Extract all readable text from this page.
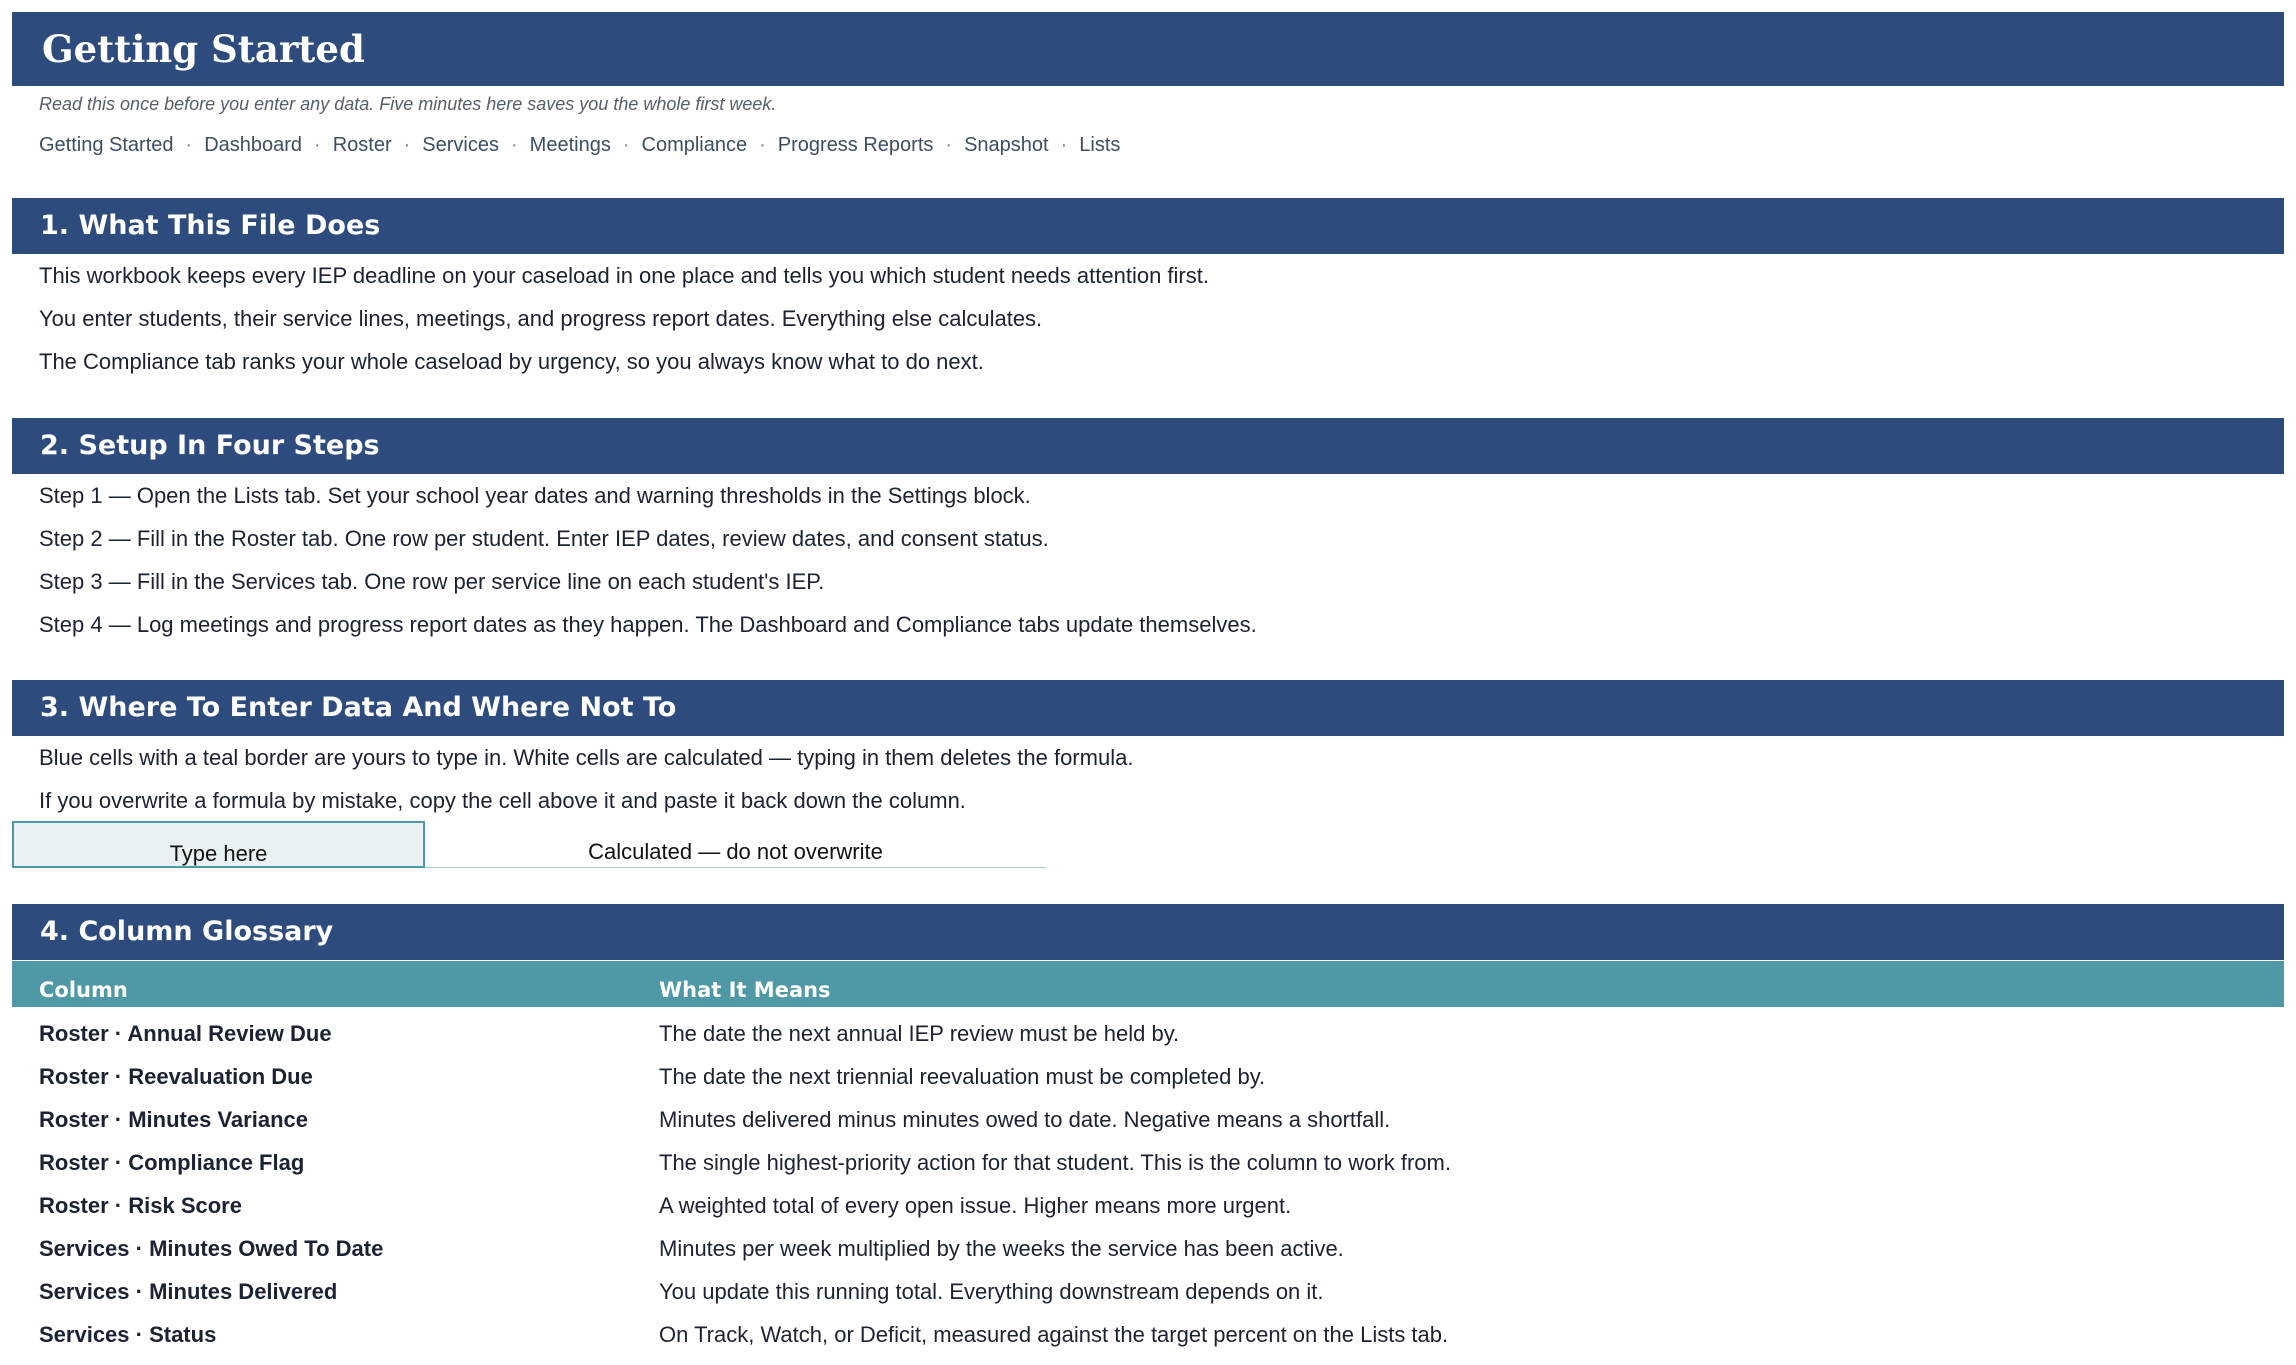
Getting Started
Read this once before you enter any data. Five minutes here saves you the whole first week.
Getting Started · Dashboard · Roster · Services · Meetings · Compliance · Progress Reports · Snapshot · Lists
1. What This File Does
This workbook keeps every IEP deadline on your caseload in one place and tells you which student needs attention first.
You enter students, their service lines, meetings, and progress report dates. Everything else calculates.
The Compliance tab ranks your whole caseload by urgency, so you always know what to do next.
2. Setup In Four Steps
Step 1 — Open the Lists tab. Set your school year dates and warning thresholds in the Settings block.
Step 2 — Fill in the Roster tab. One row per student. Enter IEP dates, review dates, and consent status.
Step 3 — Fill in the Services tab. One row per service line on each student's IEP.
Step 4 — Log meetings and progress report dates as they happen. The Dashboard and Compliance tabs update themselves.
3. Where To Enter Data And Where Not To
Blue cells with a teal border are yours to type in. White cells are calculated — typing in them deletes the formula.
If you overwrite a formula by mistake, copy the cell above it and paste it back down the column.
Type here	Calculated — do not overwrite
4. Column Glossary
Column	What It Means
Roster · Annual Review Due	The date the next annual IEP review must be held by.
Roster · Reevaluation Due	The date the next triennial reevaluation must be completed by.
Roster · Minutes Variance	Minutes delivered minus minutes owed to date. Negative means a shortfall.
Roster · Compliance Flag	The single highest-priority action for that student. This is the column to work from.
Roster · Risk Score	A weighted total of every open issue. Higher means more urgent.
Services · Minutes Owed To Date	Minutes per week multiplied by the weeks the service has been active.
Services · Minutes Delivered	You update this running total. Everything downstream depends on it.
Services · Status	On Track, Watch, or Deficit, measured against the target percent on the Lists tab.
